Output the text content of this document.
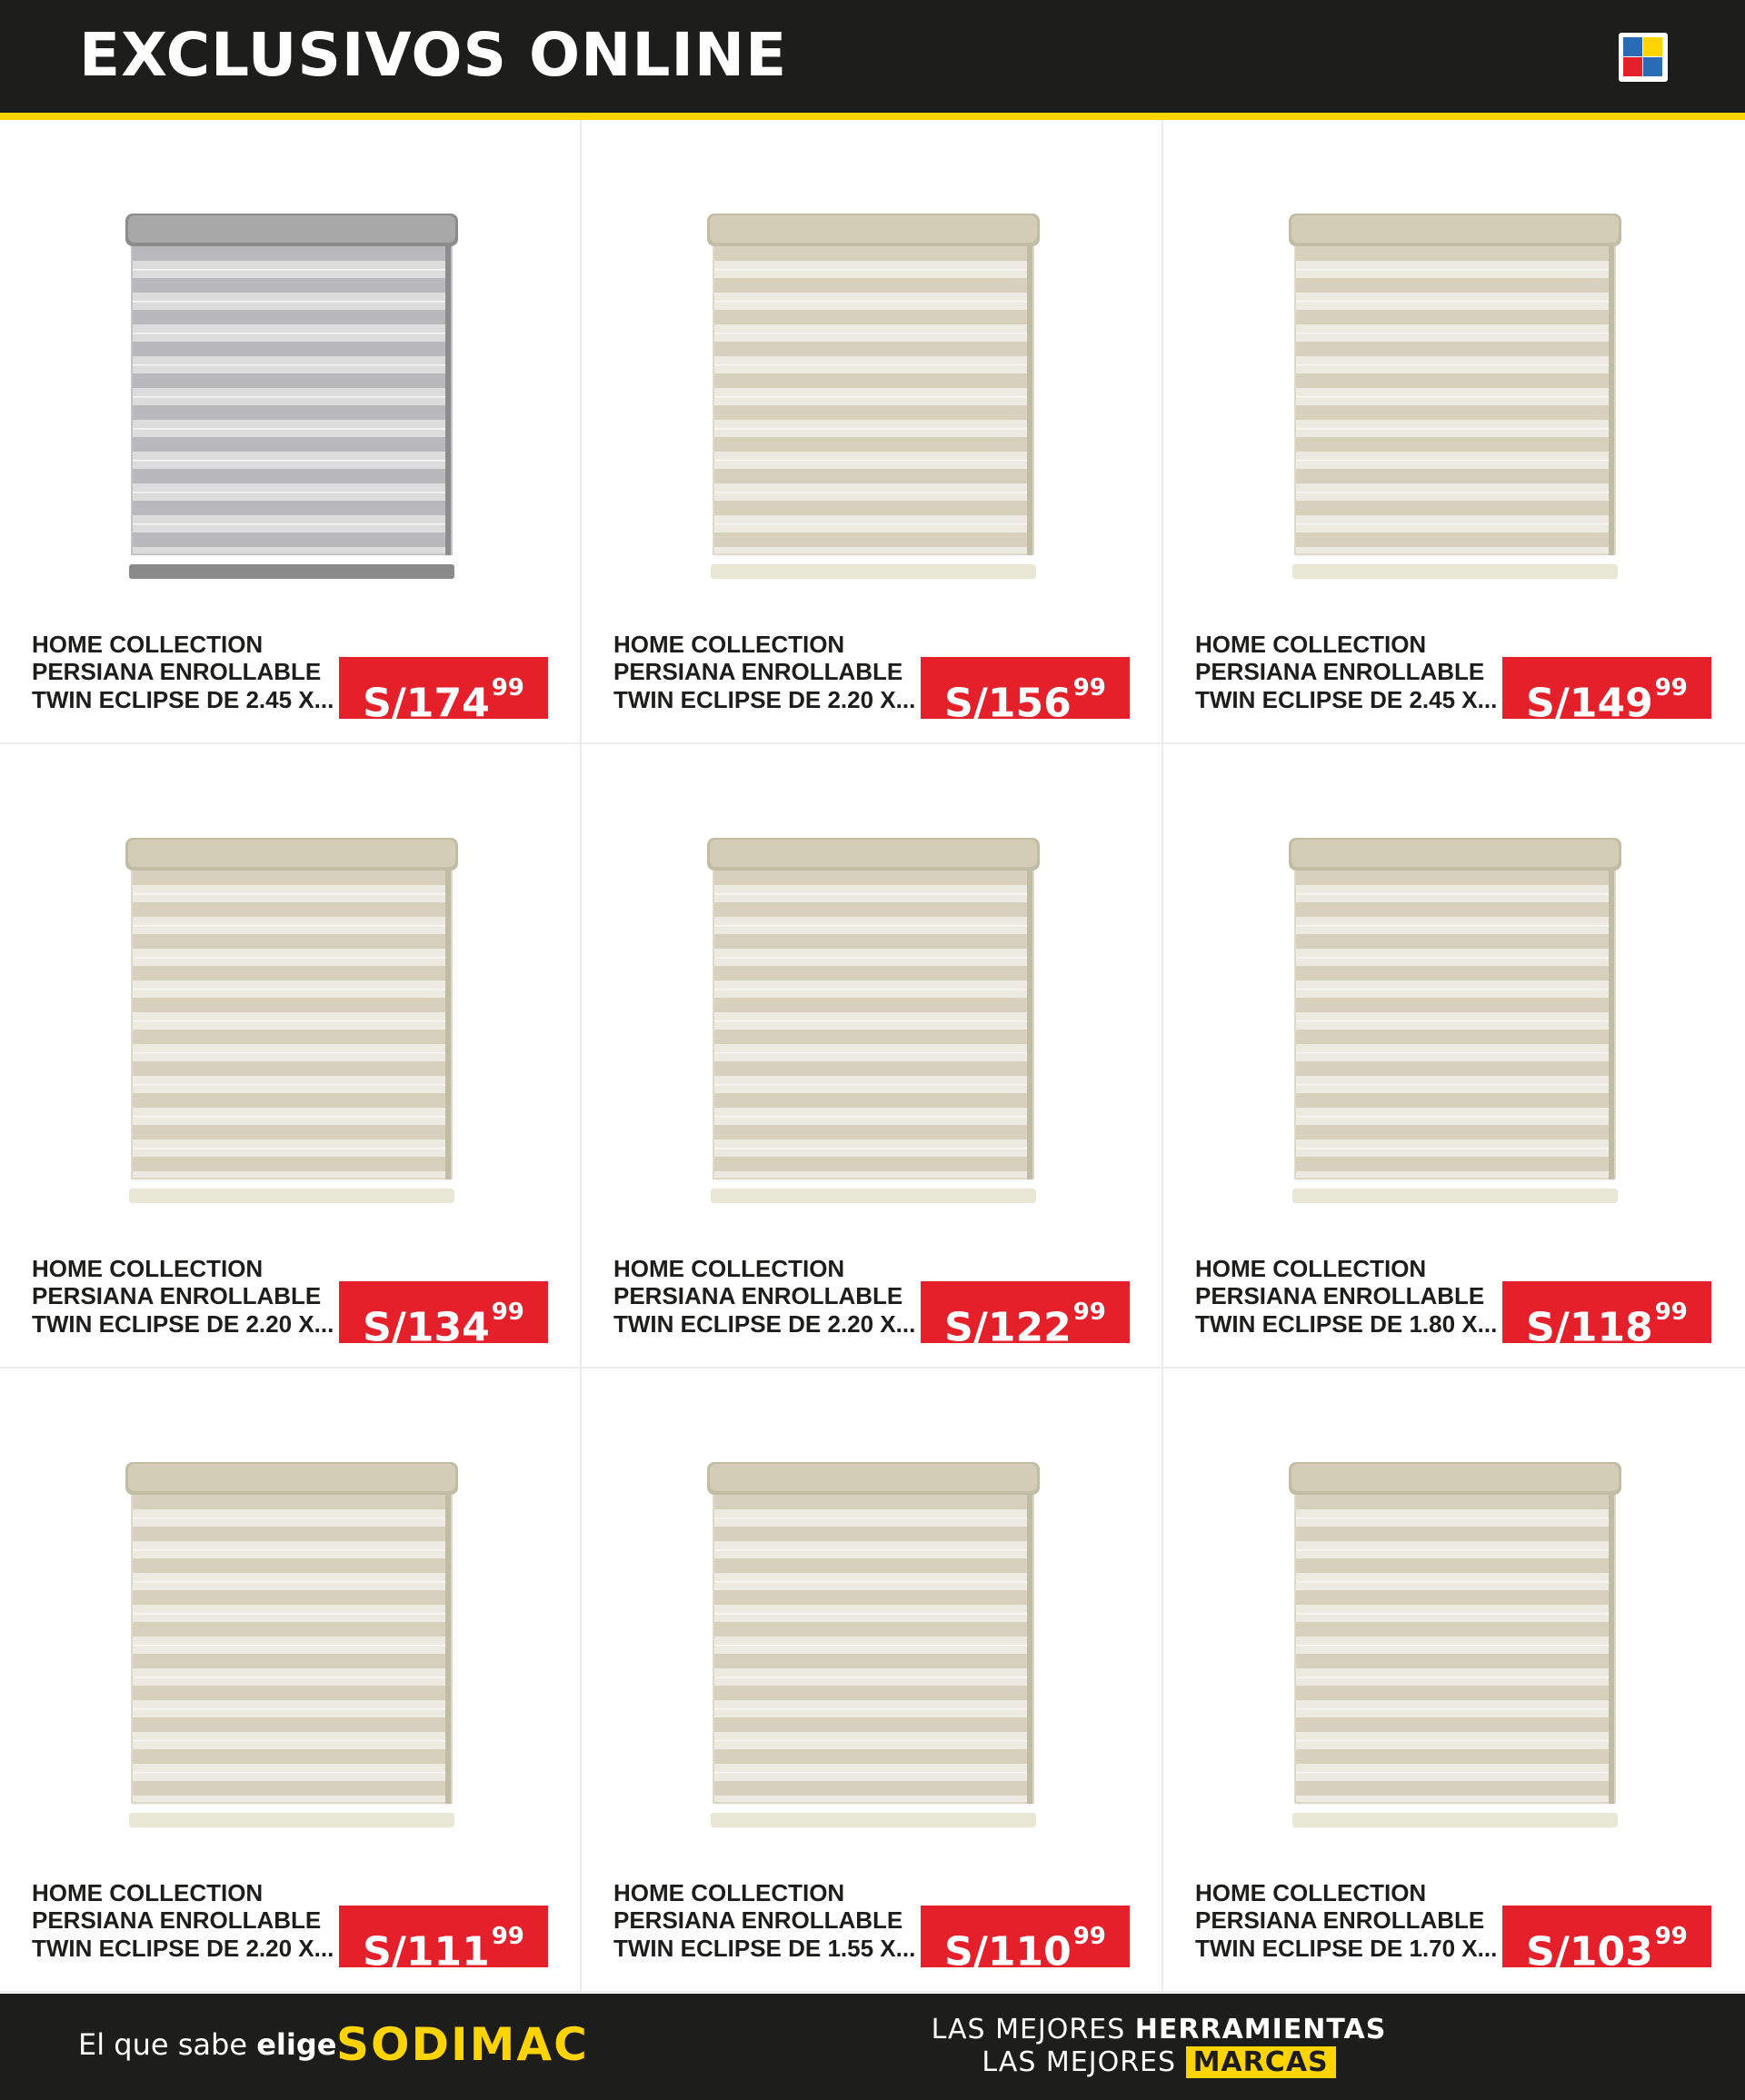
EXCLUSIVOS ONLINE
HOME COLLECTION
PERSIANA ENROLLABLE
TWIN ECLIPSE DE 2.45 X... S/17499
HOME COLLECTION
PERSIANA ENROLLABLE
TWIN ECLIPSE DE 2.20 X... S/15699
HOME COLLECTION
PERSIANA ENROLLABLE
TWIN ECLIPSE DE 2.45 X... S/14999
HOME COLLECTION
PERSIANA ENROLLABLE
TWIN ECLIPSE DE 2.20 X... S/13499
HOME COLLECTION
PERSIANA ENROLLABLE
TWIN ECLIPSE DE 2.20 X... S/12299
HOME COLLECTION
PERSIANA ENROLLABLE
TWIN ECLIPSE DE 1.80 X... S/11899
HOME COLLECTION
PERSIANA ENROLLABLE
TWIN ECLIPSE DE 2.20 X... S/11199
HOME COLLECTION
PERSIANA ENROLLABLE
TWIN ECLIPSE DE 1.55 X... S/11099
HOME COLLECTION
PERSIANA ENROLLABLE
TWIN ECLIPSE DE 1.70 X... S/10399
El que sabe elige SODIMAC	LAS MEJORES HERRAMIENTAS
LAS MEJORES MARCAS
